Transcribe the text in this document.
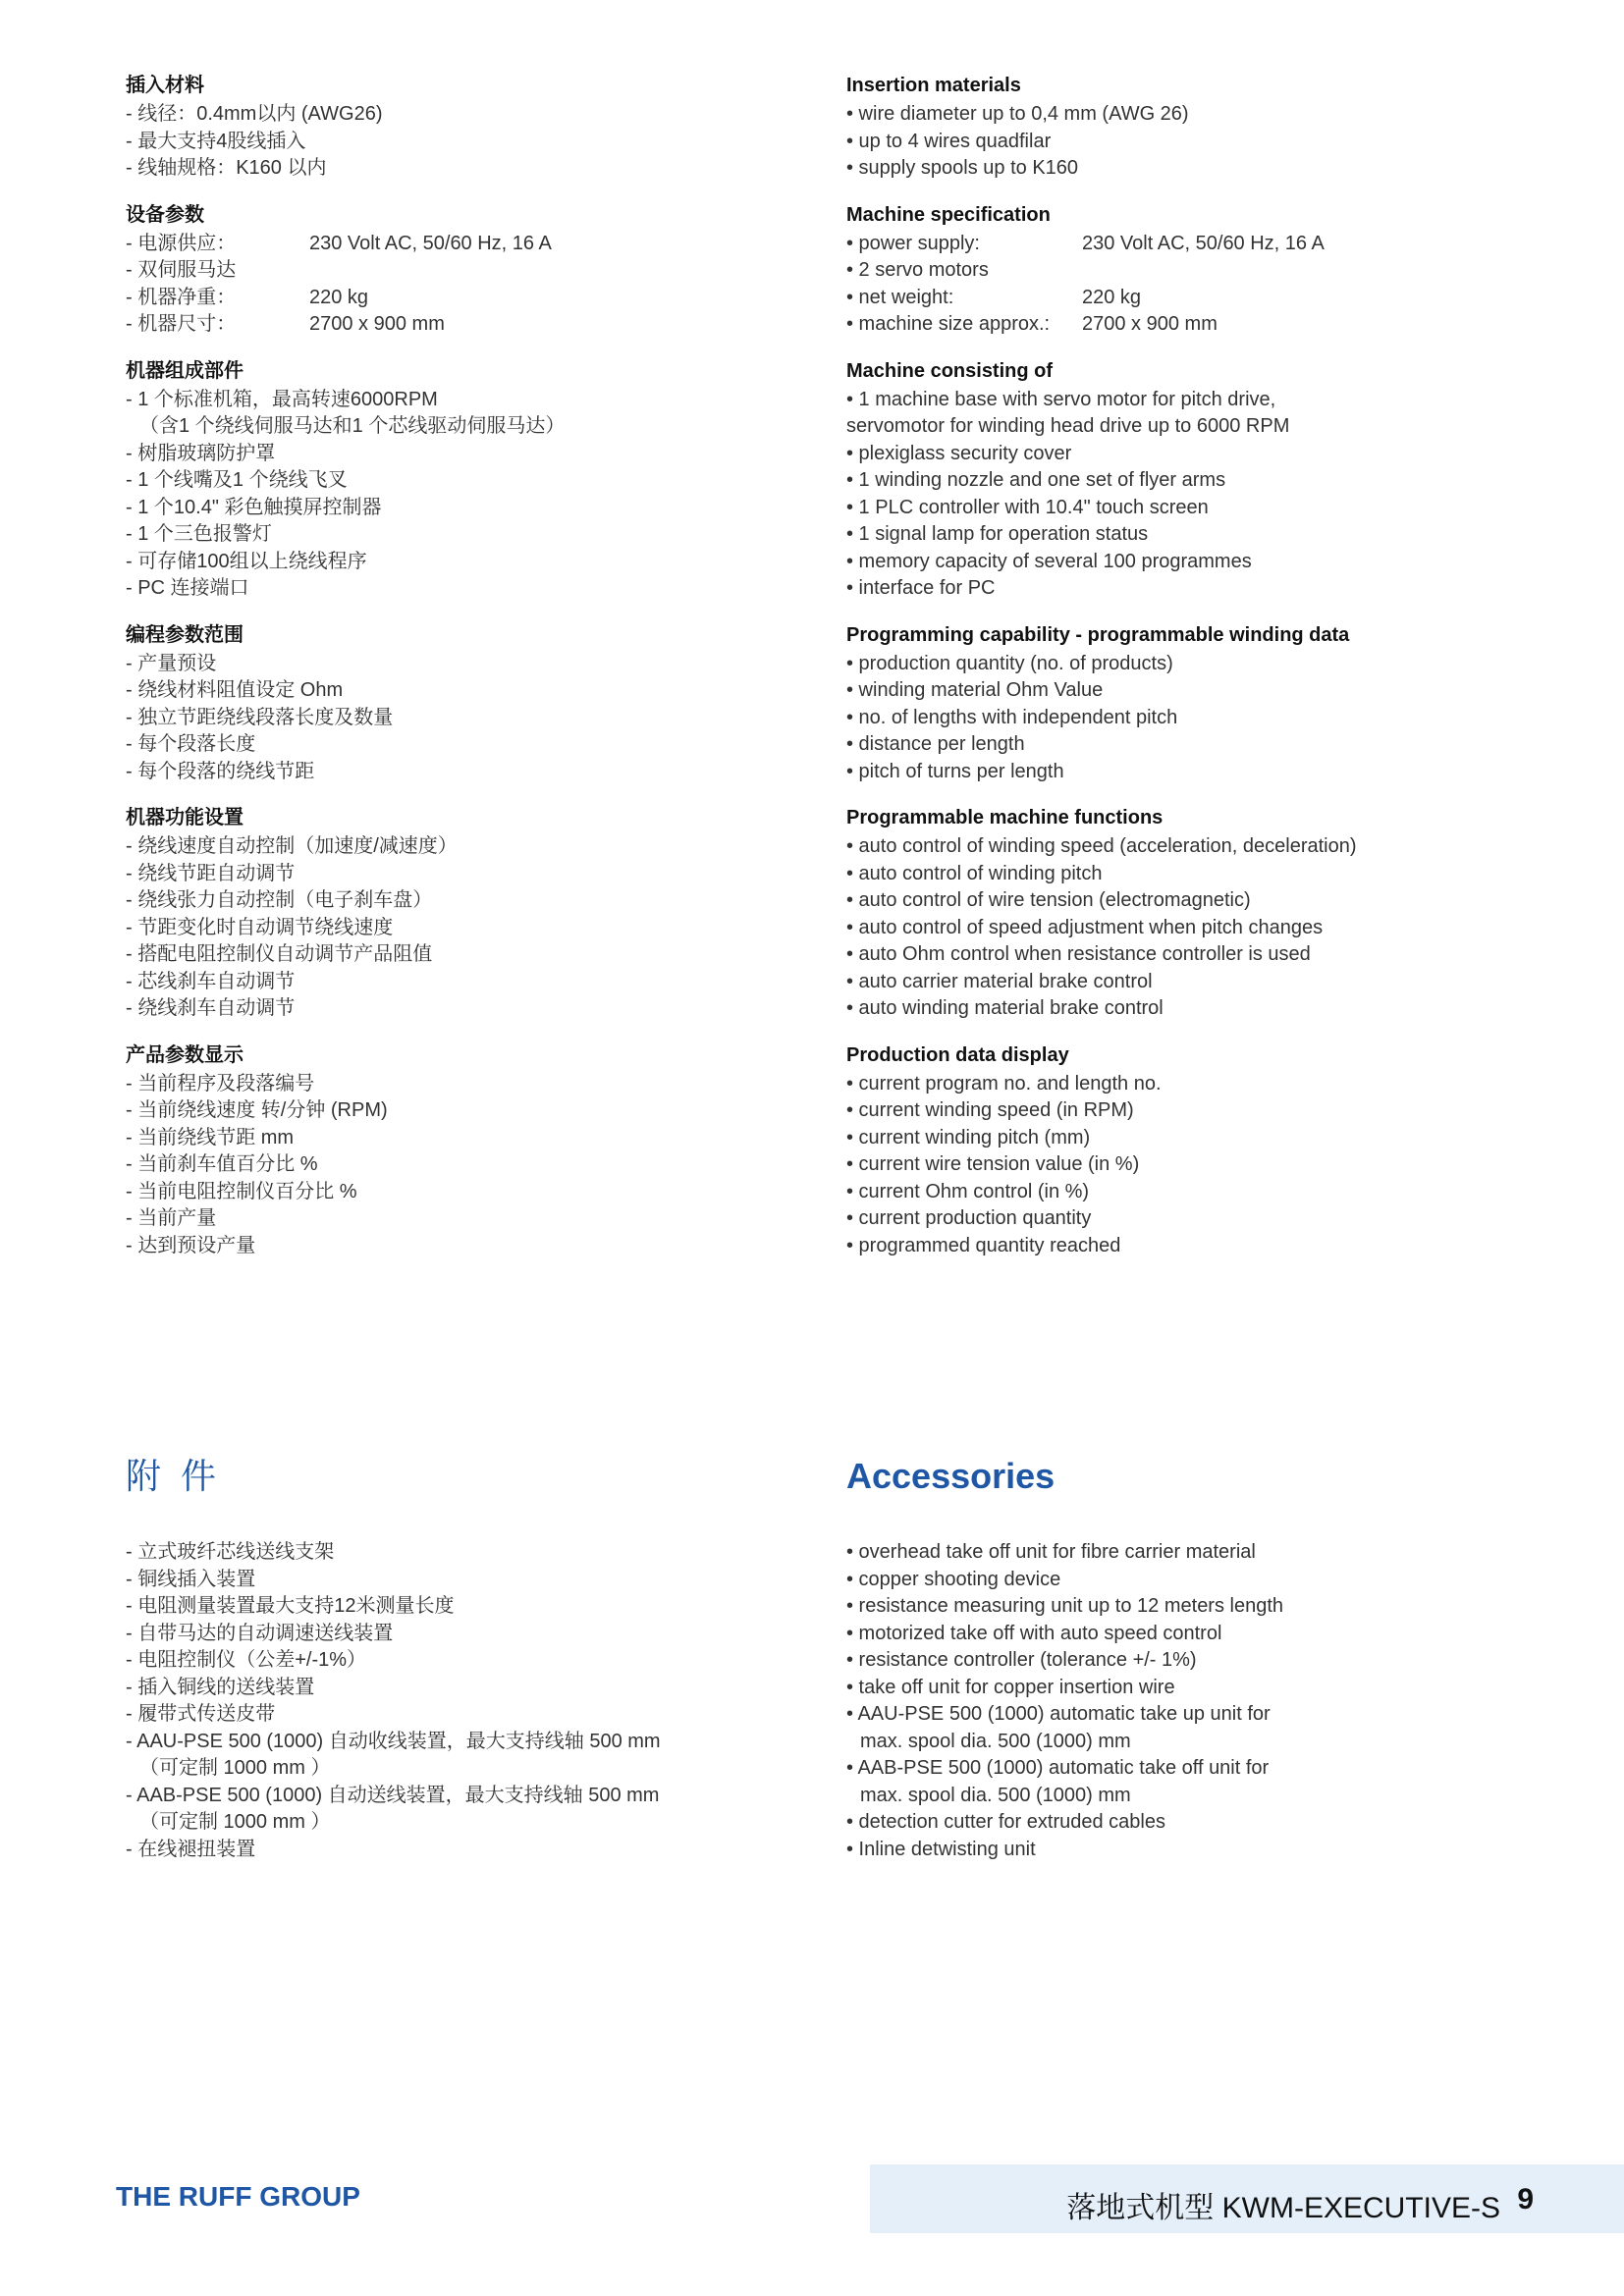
插入材料
- 线径：0.4mm以内 (AWG26)
- 最大支持4股线插入
- 线轴规格：K160 以内
设备参数
- 电源供应：	230 Volt AC, 50/60 Hz, 16 A
- 双伺服马达
- 机器净重：	220 kg
- 机器尺寸：	2700 x 900 mm
机器组成部件
- 1 个标准机箱，最高转速6000RPM
（含1 个绕线伺服马达和1 个芯线驱动伺服马达）
- 树脂玻璃防护罩
- 1 个线嘴及1 个绕线飞叉
- 1 个10.4" 彩色触摸屏控制器
- 1 个三色报警灯
- 可存储100组以上绕线程序
- PC 连接端口
编程参数范围
- 产量预设
- 绕线材料阻值设定 Ohm
- 独立节距绕线段落长度及数量
- 每个段落长度
- 每个段落的绕线节距
机器功能设置
- 绕线速度自动控制（加速度/减速度）
- 绕线节距自动调节
- 绕线张力自动控制（电子刹车盘）
- 节距变化时自动调节绕线速度
- 搭配电阻控制仪自动调节产品阻值
- 芯线刹车自动调节
- 绕线刹车自动调节
产品参数显示
- 当前程序及段落编号
- 当前绕线速度 转/分钟 (RPM)
- 当前绕线节距 mm
- 当前刹车值百分比 %
- 当前电阻控制仪百分比 %
- 当前产量
- 达到预设产量
Insertion materials
• wire diameter up to 0,4 mm (AWG 26)
• up to 4 wires quadfilar
• supply spools up to K160
Machine specification
• power supply:	230 Volt AC, 50/60 Hz, 16 A
• 2 servo motors
• net weight:	220 kg
• machine size approx.:	2700 x 900 mm
Machine consisting of
• 1 machine base with servo motor for pitch drive,
servomotor for winding head drive up to 6000 RPM
• plexiglass security cover
• 1 winding nozzle and one set of flyer arms
• 1 PLC controller with 10.4" touch screen
• 1 signal lamp for operation status
• memory capacity of several 100 programmes
• interface for PC
Programming capability - programmable winding data
• production quantity (no. of products)
• winding material Ohm Value
• no. of lengths with independent pitch
• distance per length
• pitch of turns per length
Programmable machine functions
• auto control of winding speed (acceleration, deceleration)
• auto control of winding pitch
• auto control of wire tension (electromagnetic)
• auto control of speed adjustment when pitch changes
• auto Ohm control when resistance controller is used
• auto carrier material brake control
• auto winding material brake control
Production data display
• current program no. and length no.
• current winding speed (in RPM)
• current winding pitch (mm)
• current wire tension value (in %)
• current Ohm control (in %)
• current production quantity
• programmed quantity reached
附件
- 立式玻纤芯线送线支架
- 铜线插入装置
- 电阻测量装置最大支持12米测量长度
- 自带马达的自动调速送线装置
- 电阻控制仪（公差+/-1%）
- 插入铜线的送线装置
- 履带式传送皮带
- AAU-PSE 500 (1000) 自动收线装置，最大支持线轴 500 mm
（可定制 1000 mm ）
- AAB-PSE 500 (1000) 自动送线装置，最大支持线轴 500 mm
（可定制 1000 mm ）
- 在线褪扭装置
Accessories
• overhead take off unit for fibre carrier material
• copper shooting device
• resistance measuring unit up to 12 meters length
• motorized take off with auto speed control
• resistance controller (tolerance +/- 1%)
• take off unit for copper insertion wire
• AAU-PSE 500 (1000) automatic take up unit for
max. spool dia. 500 (1000) mm
• AAB-PSE 500 (1000) automatic take off unit for
max. spool dia. 500 (1000) mm
• detection cutter for extruded cables
• Inline detwisting unit
THE RUFF GROUP	落地式机型 KWM-EXECUTIVE-S 9
